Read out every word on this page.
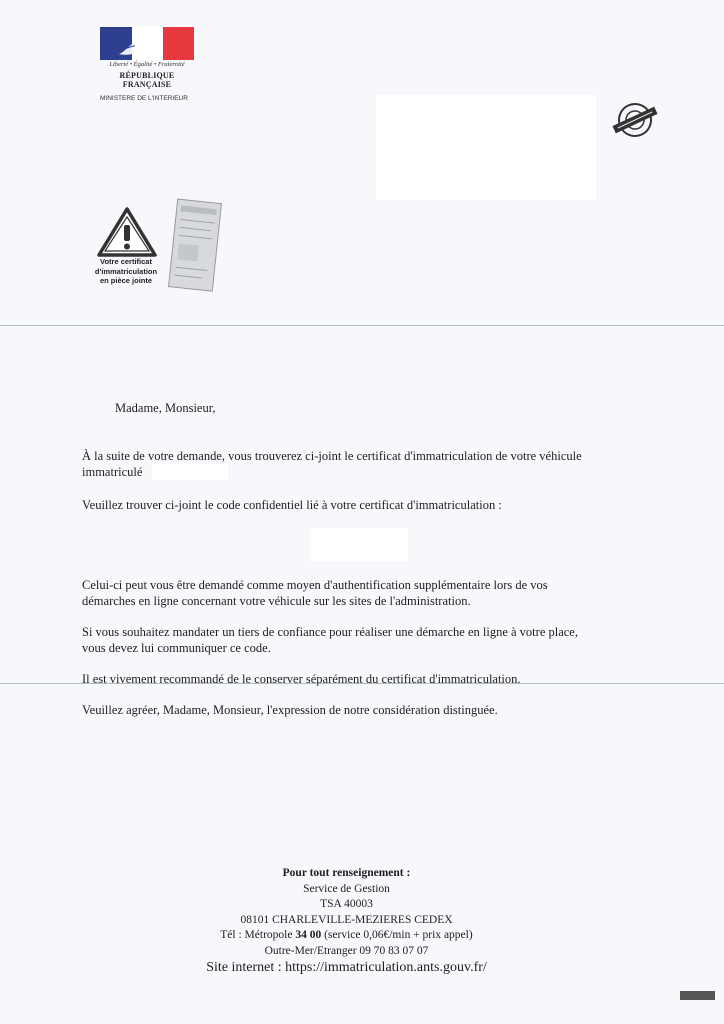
Liberté • Égalité • Fraternité
RÉPUBLIQUE FRANÇAISE
MINISTERE DE L'INTERIEUR
Votre certificat
d'immatriculation
en pièce jointe
Madame, Monsieur,
À la suite de votre demande, vous trouverez ci-joint le certificat d'immatriculation de votre véhicule
immatriculé
Veuillez trouver ci-joint le code confidentiel lié à votre certificat d'immatriculation :
Celui-ci peut vous être demandé comme moyen d'authentification supplémentaire lors de vos
démarches en ligne concernant votre véhicule sur les sites de l'administration.
Si vous souhaitez mandater un tiers de confiance pour réaliser une démarche en ligne à votre place,
vous devez lui communiquer ce code.
Il est vivement recommandé de le conserver séparément du certificat d'immatriculation.
Veuillez agréer, Madame, Monsieur, l'expression de notre considération distinguée.
Pour tout renseignement :
Service de Gestion
TSA 40003
08101 CHARLEVILLE-MEZIERES CEDEX
Tél : Métropole 34 00 (service 0,06€/min + prix appel)
Outre-Mer/Etranger 09 70 83 07 07
Site internet : https://immatriculation.ants.gouv.fr/
